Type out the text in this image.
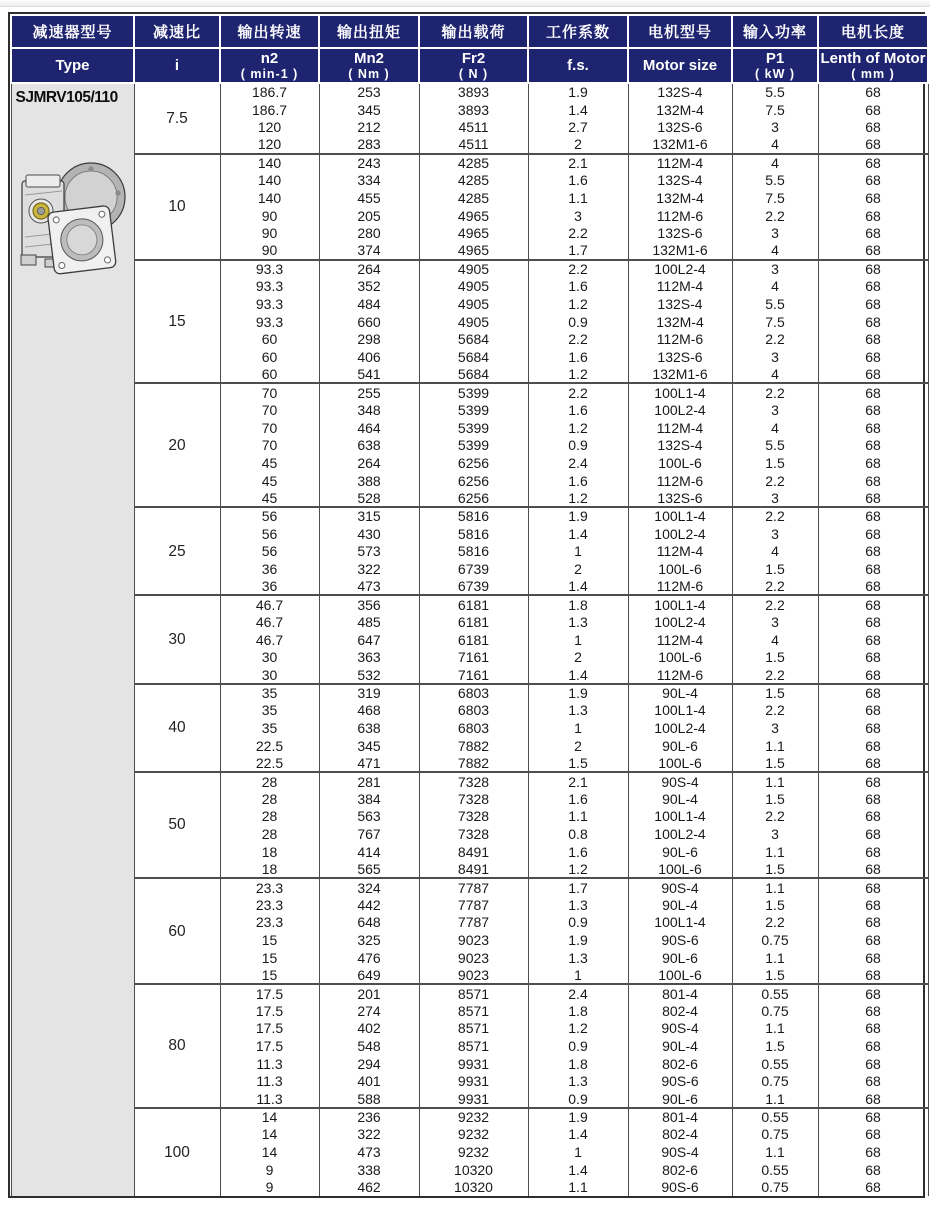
减速器型号	减速比	输出转速	输出扭矩	输出载荷	工作系数	电机型号	输入功率	电机长度

Type	i	n2
( min-1 )

Mn2
( Nm )

Fr2
( N )

f.s.	Motor size	P1
( kW )

Lenth of Motor
( mm )

SJMRV105/110	7.5	186.7	253	3893	1.9	132S-4	5.5	68
		186.7	345	3893	1.4	132M-4	7.5	68
		120	212	4511	2.7	132S-6	3	68
		120	283	4511	2	132M1-6	4	68
	10	140	243	4285	2.1	112M-4	4	68
		140	334	4285	1.6	132S-4	5.5	68
		140	455	4285	1.1	132M-4	7.5	68
		90	205	4965	3	112M-6	2.2	68
		90	280	4965	2.2	132S-6	3	68
		90	374	4965	1.7	132M1-6	4	68
	15	93.3	264	4905	2.2	100L2-4	3	68
		93.3	352	4905	1.6	112M-4	4	68
		93.3	484	4905	1.2	132S-4	5.5	68
		93.3	660	4905	0.9	132M-4	7.5	68
		60	298	5684	2.2	112M-6	2.2	68
		60	406	5684	1.6	132S-6	3	68
		60	541	5684	1.2	132M1-6	4	68
	20	70	255	5399	2.2	100L1-4	2.2	68
		70	348	5399	1.6	100L2-4	3	68
		70	464	5399	1.2	112M-4	4	68
		70	638	5399	0.9	132S-4	5.5	68
		45	264	6256	2.4	100L-6	1.5	68
		45	388	6256	1.6	112M-6	2.2	68
		45	528	6256	1.2	132S-6	3	68
	25	56	315	5816	1.9	100L1-4	2.2	68
		56	430	5816	1.4	100L2-4	3	68
		56	573	5816	1	112M-4	4	68
		36	322	6739	2	100L-6	1.5	68
		36	473	6739	1.4	112M-6	2.2	68
	30	46.7	356	6181	1.8	100L1-4	2.2	68
		46.7	485	6181	1.3	100L2-4	3	68
		46.7	647	6181	1	112M-4	4	68
		30	363	7161	2	100L-6	1.5	68
		30	532	7161	1.4	112M-6	2.2	68
	40	35	319	6803	1.9	90L-4	1.5	68
		35	468	6803	1.3	100L1-4	2.2	68
		35	638	6803	1	100L2-4	3	68
		22.5	345	7882	2	90L-6	1.1	68
		22.5	471	7882	1.5	100L-6	1.5	68
	50	28	281	7328	2.1	90S-4	1.1	68
		28	384	7328	1.6	90L-4	1.5	68
		28	563	7328	1.1	100L1-4	2.2	68
		28	767	7328	0.8	100L2-4	3	68
		18	414	8491	1.6	90L-6	1.1	68
		18	565	8491	1.2	100L-6	1.5	68
	60	23.3	324	7787	1.7	90S-4	1.1	68
		23.3	442	7787	1.3	90L-4	1.5	68
		23.3	648	7787	0.9	100L1-4	2.2	68
		15	325	9023	1.9	90S-6	0.75	68
		15	476	9023	1.3	90L-6	1.1	68
		15	649	9023	1	100L-6	1.5	68
	80	17.5	201	8571	2.4	801-4	0.55	68
		17.5	274	8571	1.8	802-4	0.75	68
		17.5	402	8571	1.2	90S-4	1.1	68
		17.5	548	8571	0.9	90L-4	1.5	68
		11.3	294	9931	1.8	802-6	0.55	68
		11.3	401	9931	1.3	90S-6	0.75	68
		11.3	588	9931	0.9	90L-6	1.1	68
	100	14	236	9232	1.9	801-4	0.55	68
		14	322	9232	1.4	802-4	0.75	68
		14	473	9232	1	90S-4	1.1	68
		9	338	10320	1.4	802-6	0.55	68
		9	462	10320	1.1	90S-6	0.75	68
